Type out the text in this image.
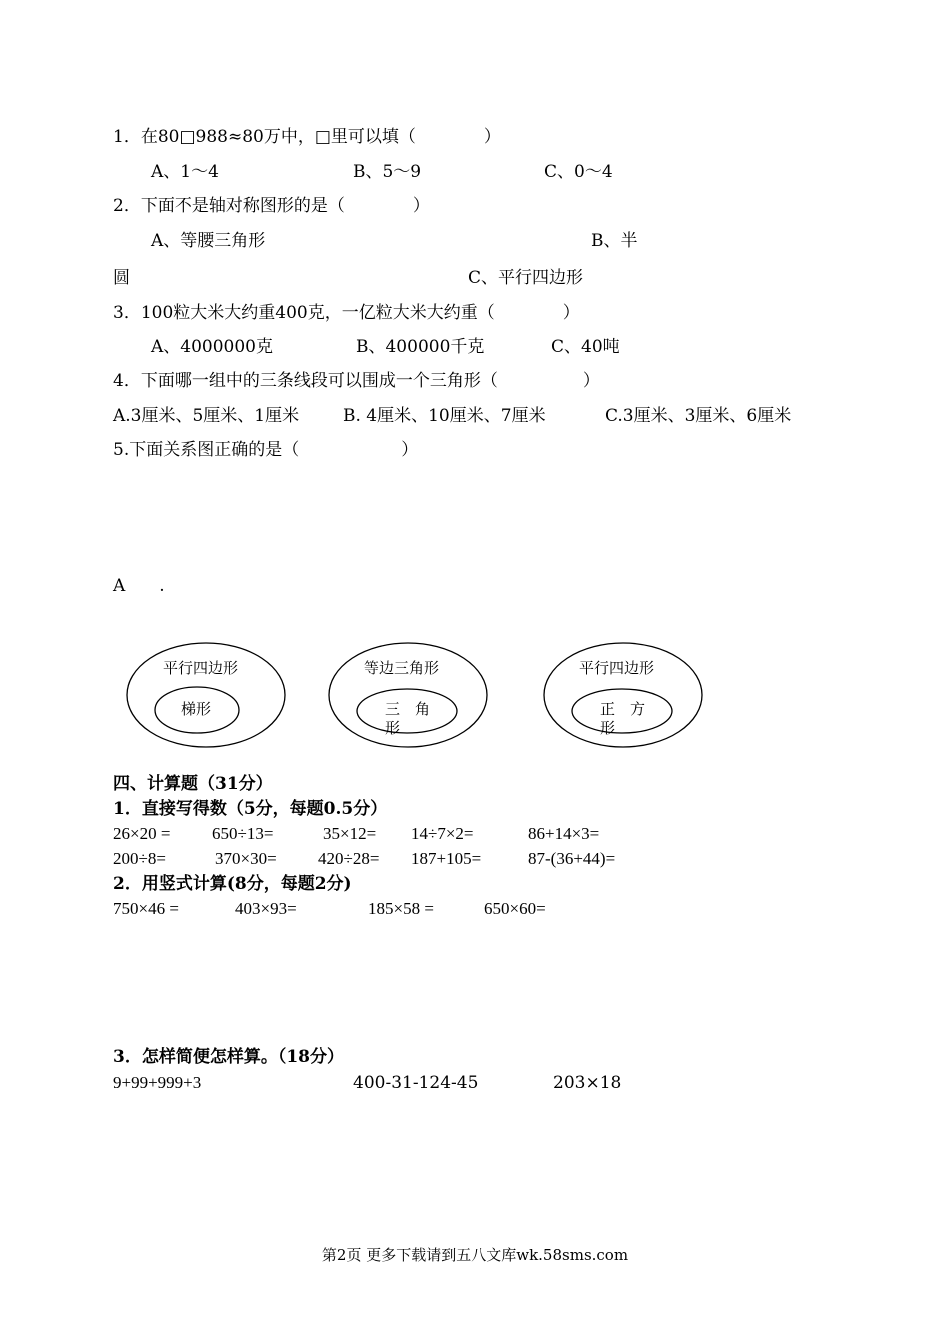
1．在80□988≈80万中，□里可以填（　　　　）
A、1～4	B、5～9	C、0～4
2．下面不是轴对称图形的是（　　　　）
A、等腰三角形	B、半
圆	C、平行四边形
3．100粒大米大约重400克，一亿粒大米大约重（　　　　）
A、4000000克	B、400000千克	C、40吨
4．下面哪一组中的三条线段可以围成一个三角形（　　　　　）
A.3厘米、5厘米、1厘米	B. 4厘米、10厘米、7厘米	C.3厘米、3厘米、6厘米
5.下面关系图正确的是（　　　　　　）
A　　.
平行四边形
梯形
等边三角形
三　角
形
平行四边形
正　方
形
四、计算题（31分）
1．直接写得数（5分，每题0.5分）
26×20 = 650÷13=	35×12= 14÷7×2=	86+14×3=
200÷8=	370×30= 420÷28= 187+105=	87-(36+44)=
2．用竖式计算(8分，每题2分)
750×46 =	403×93=	185×58 =	650×60=
3．怎样简便怎样算。（18分）
9+99+999+3	400-31-124-45	203×18
第2页 更多下载请到五八文库wk.58sms.com
